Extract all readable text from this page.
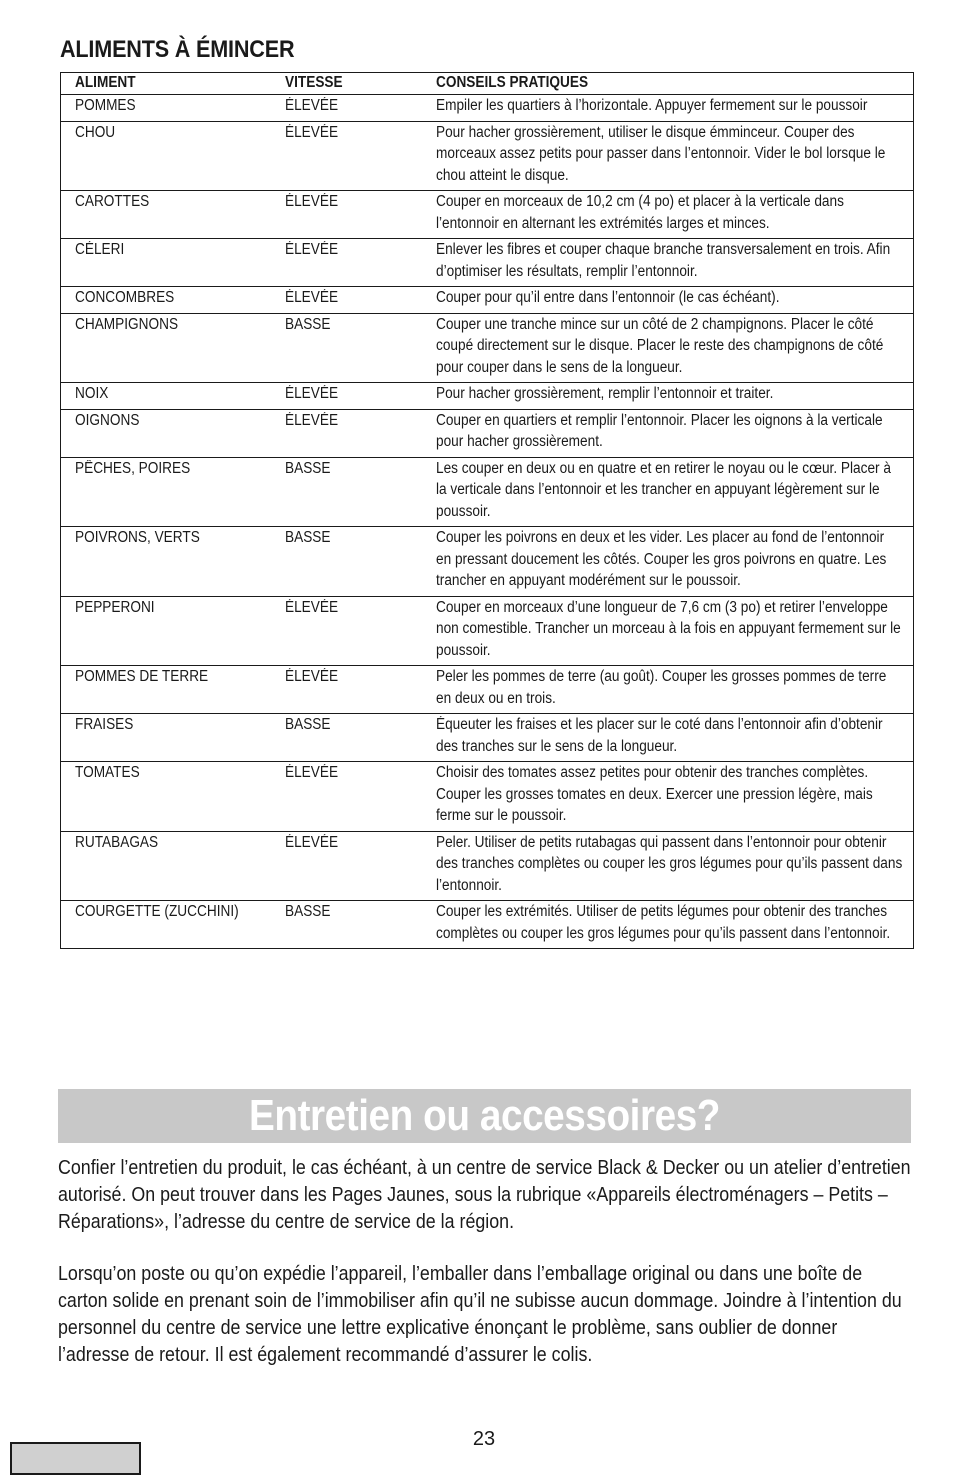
ALIMENTS À ÉMINCER
ALIMENT	VITESSE	CONSEILS PRATIQUES
POMMES	ÉLEVÉE	Empiler les quartiers à l’horizontale. Appuyer fermement sur le poussoir

CHOU	ÉLEVÉE	Pour hacher grossièrement, utiliser le disque émminceur. Couper des morceaux assez petits pour passer dans l’entonnoir. Vider le bol lorsque le chou atteint le disque.

CAROTTES	ÉLEVÉE	Couper en morceaux de 10,2 cm (4 po) et placer à la verticale dans l’entonnoir en alternant les extrémités larges et minces.

CÉLERI	ÉLEVÉE	Enlever les fibres et couper chaque branche transversalement en trois. Afin d’optimiser les résultats, remplir l’entonnoir.

CONCOMBRES	ÉLEVÉE	Couper pour qu’il entre dans l’entonnoir (le cas échéant).

CHAMPIGNONS	BASSE	Couper une tranche mince sur un côté de 2 champignons. Placer le côté coupé directement sur le disque. Placer le reste des champignons de côté pour couper dans le sens de la longueur.

NOIX	ÉLEVÉE	Pour hacher grossièrement, remplir l’entonnoir et traiter.

OIGNONS	ÉLEVÉE	Couper en quartiers et remplir l’entonnoir. Placer les oignons à la verticale pour hacher grossièrement.

PÊCHES, POIRES	BASSE	Les couper en deux ou en quatre et en retirer le noyau ou le cœur. Placer à la verticale dans l’entonnoir et les trancher en appuyant légèrement sur le poussoir.

POIVRONS, VERTS	BASSE	Couper les poivrons en deux et les vider. Les placer au fond de l’entonnoir en pressant doucement les côtés. Couper les gros poivrons en quatre. Les trancher en appuyant modérément sur le poussoir.

PEPPERONI	ÉLEVÉE	Couper en morceaux d’une longueur de 7,6 cm (3 po) et retirer l’enveloppe non comestible. Trancher un morceau à la fois en appuyant fermement sur le poussoir.

POMMES DE TERRE	ÉLEVÉE	Peler les pommes de terre (au goût). Couper les grosses pommes de terre en deux ou en trois.

FRAISES	BASSE	Équeuter les fraises et les placer sur le coté dans l’entonnoir afin d’obtenir des tranches sur le sens de la longueur.

TOMATES	ÉLEVÉE	Choisir des tomates assez petites pour obtenir des tranches complètes. Couper les grosses tomates en deux. Exercer une pression légère, mais ferme sur le poussoir.

RUTABAGAS	ÉLEVÉE	Peler. Utiliser de petits rutabagas qui passent dans l’entonnoir pour obtenir des tranches complètes ou couper les gros légumes pour qu’ils passent dans l’entonnoir.

COURGETTE (ZUCCHINI)	BASSE	Couper les extrémités. Utiliser de petits légumes pour obtenir des tranches complètes ou couper les gros légumes pour qu’ils passent dans l’entonnoir.
Entretien ou accessoires?
Confier l’entretien du produit, le cas échéant, à un centre de service Black & Decker ou un atelier d’entretien autorisé. On peut trouver dans les Pages Jaunes, sous la rubrique «Appareils électroménagers – Petits – Réparations», l’adresse du centre de service de la région.
Lorsqu’on poste ou qu’on expédie l’appareil, l’emballer dans l’emballage original ou dans une boîte de carton solide en prenant soin de l’immobiliser afin qu’il ne subisse aucun dommage. Joindre à l’intention du personnel du centre de service une lettre explicative énonçant le problème, sans oublier de donner l’adresse de retour. Il est également recommandé d’assurer le colis.
23
